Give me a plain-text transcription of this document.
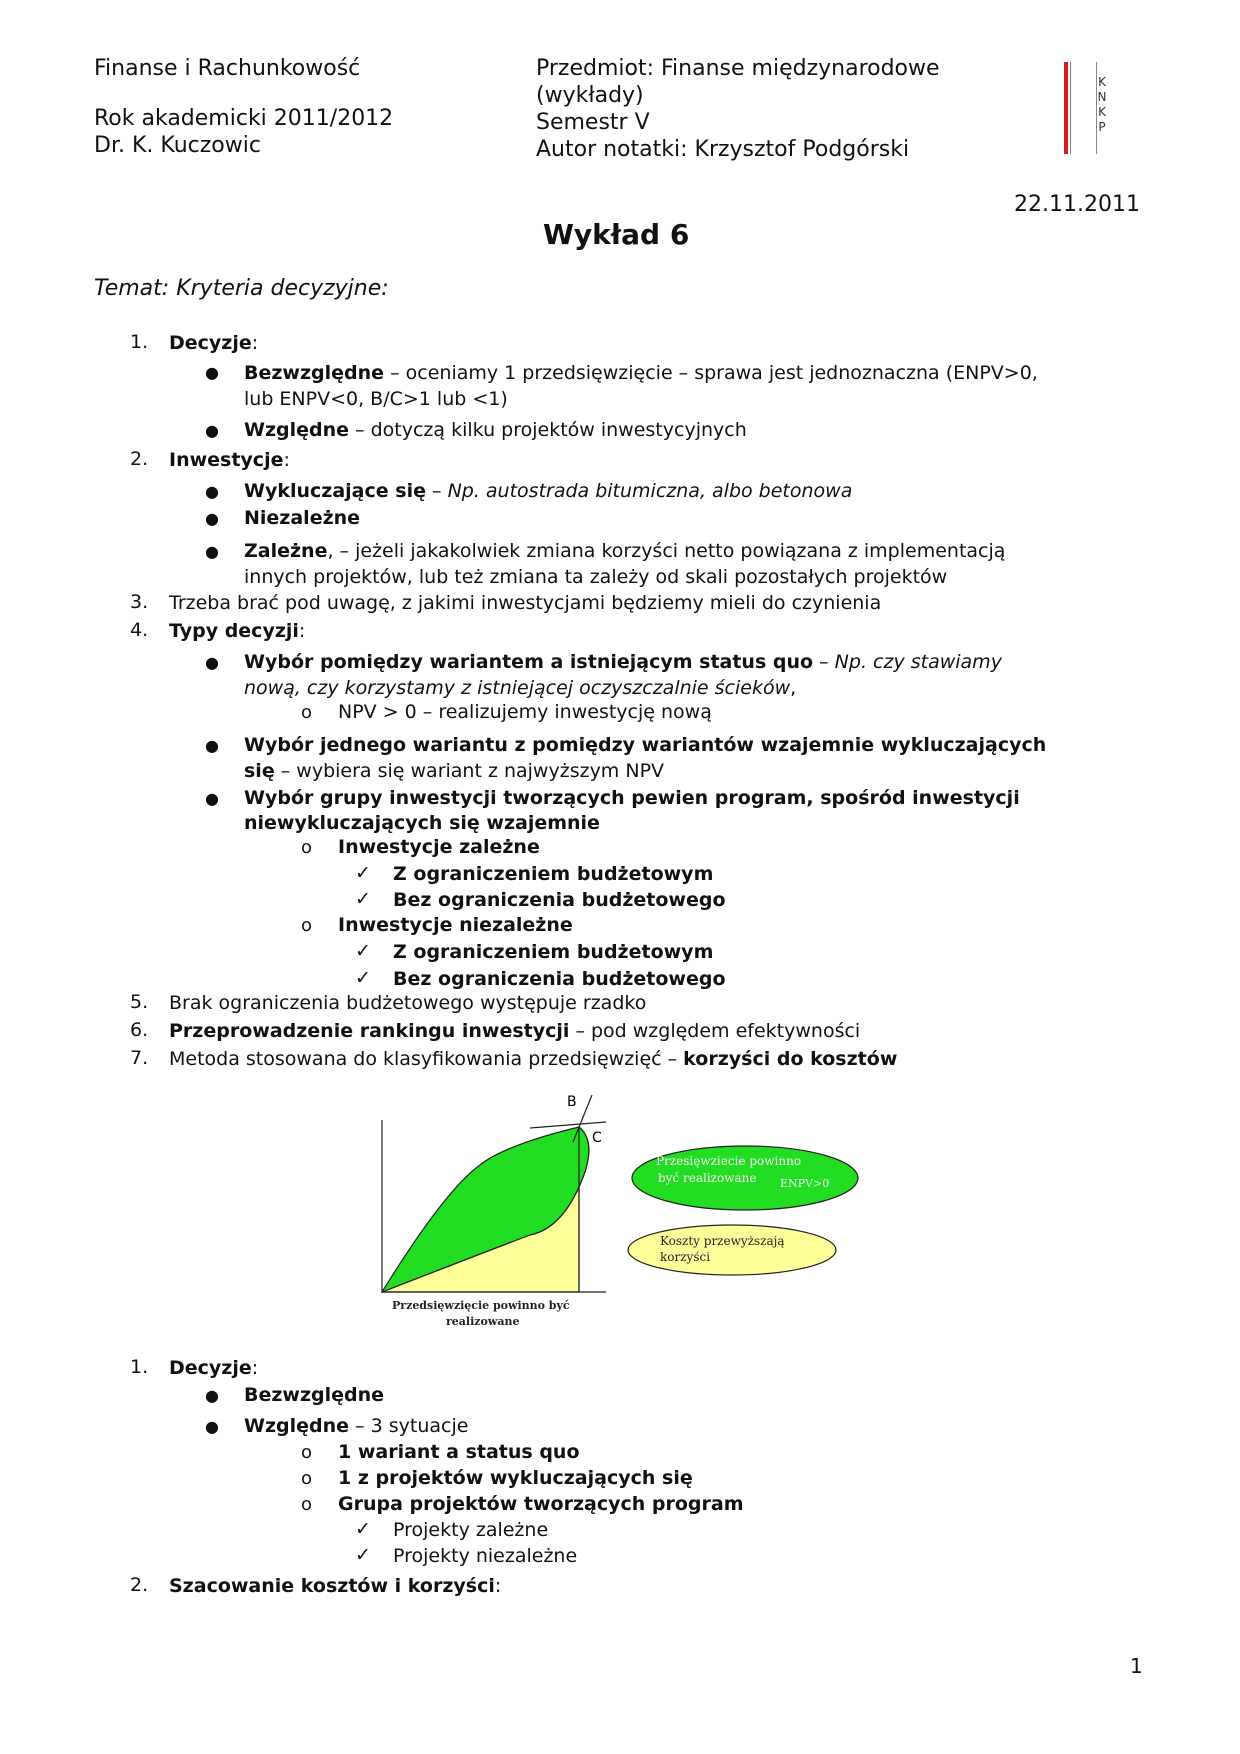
Finanse i Rachunkowość
Rok akademicki 2011/2012
Dr. K. Kuczowic
Przedmiot: Finanse międzynarodowe
(wykłady)
Semestr V
Autor notatki: Krzysztof Podgórski
K
N
K
P
22.11.2011
Wykład 6
Temat: Kryteria decyzyjne:
1. Decyzje:
● Bezwzględne – oceniamy 1 przedsięwzięcie – sprawa jest jednoznaczna (ENPV>0,
lub ENPV<0, B/C>1 lub <1)
● Względne – dotyczą kilku projektów inwestycyjnych
2. Inwestycje:
● Wykluczające się – Np. autostrada bitumiczna, albo betonowa
● Niezależne
● Zależne, – jeżeli jakakolwiek zmiana korzyści netto powiązana z implementacją
innych projektów, lub też zmiana ta zależy od skali pozostałych projektów
3. Trzeba brać pod uwagę, z jakimi inwestycjami będziemy mieli do czynienia
4. Typy decyzji:
● Wybór pomiędzy wariantem a istniejącym status quo – Np. czy stawiamy
nową, czy korzystamy z istniejącej oczyszczalnie ścieków,
o NPV > 0 – realizujemy inwestycję nową
● Wybór jednego wariantu z pomiędzy wariantów wzajemnie wykluczających
się – wybiera się wariant z najwyższym NPV
● Wybór grupy inwestycji tworzących pewien program, spośród inwestycji
niewykluczających się wzajemnie
o Inwestycje zależne
✓ Z ograniczeniem budżetowym
✓ Bez ograniczenia budżetowego
o Inwestycje niezależne
✓ Z ograniczeniem budżetowym
✓ Bez ograniczenia budżetowego
5. Brak ograniczenia budżetowego występuje rzadko
6. Przeprowadzenie rankingu inwestycji – pod względem efektywności
7. Metoda stosowana do klasyfikowania przedsięwzięć – korzyści do kosztów
B
C
Przesięwziecie powinno
być realizowane ENPV>0
Koszty przewyższają
korzyści
Przedsięwzięcie powinno być
realizowane
1. Decyzje:
● Bezwzględne
● Względne – 3 sytuacje
o 1 wariant a status quo
o 1 z projektów wykluczających się
o Grupa projektów tworzących program
✓ Projekty zależne
✓ Projekty niezależne
2. Szacowanie kosztów i korzyści:
1
